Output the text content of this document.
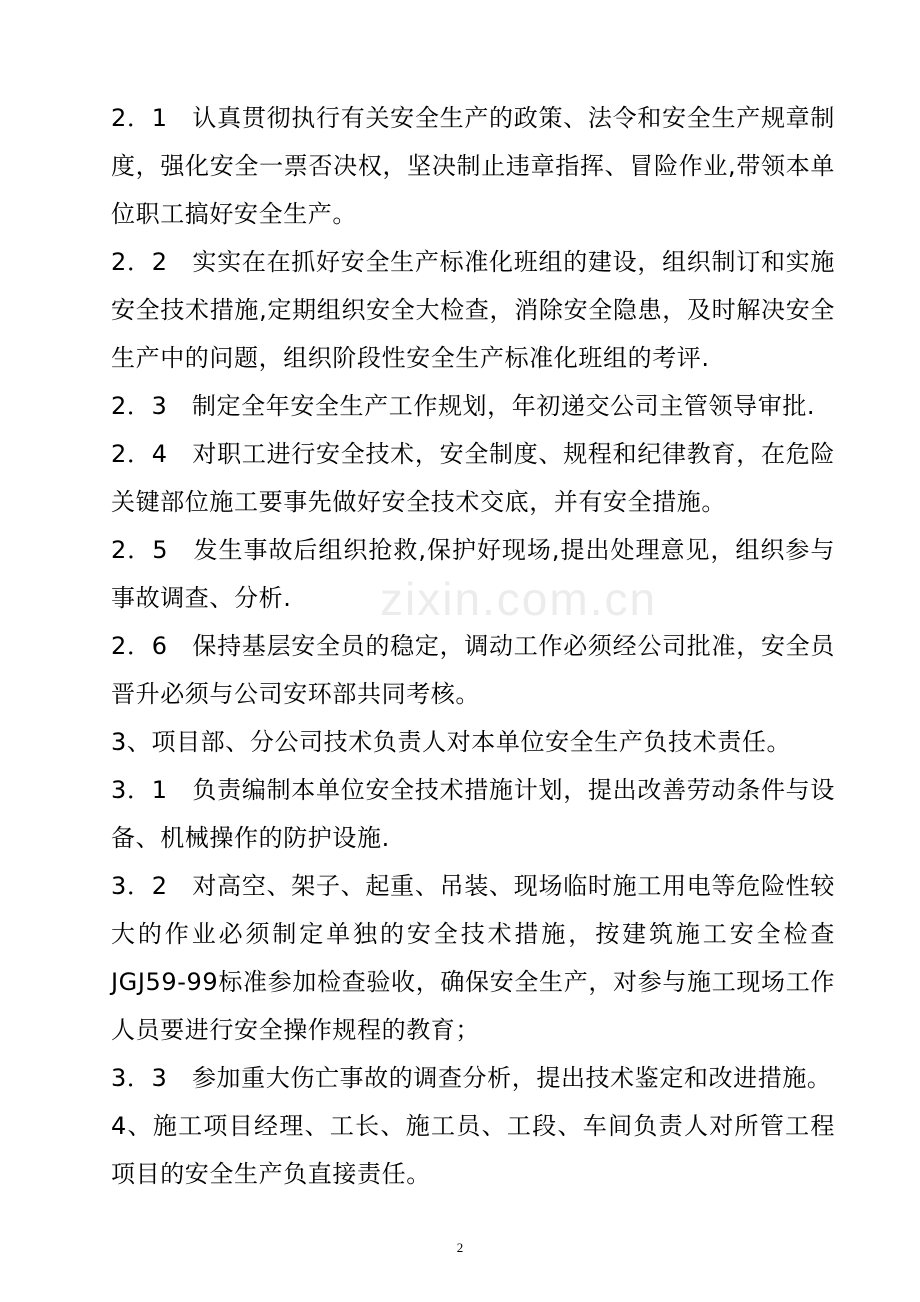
2．1　认真贯彻执行有关安全生产的政策、法令和安全生产规章制度，强化安全一票否决权，坚决制止违章指挥、冒险作业,带领本单位职工搞好安全生产。

2．2　实实在在抓好安全生产标准化班组的建设，组织制订和实施安全技术措施,定期组织安全大检查，消除安全隐患，及时解决安全生产中的问题，组织阶段性安全生产标准化班组的考评.

2．3　制定全年安全生产工作规划，年初递交公司主管领导审批.

2．4　对职工进行安全技术，安全制度、规程和纪律教育，在危险关键部位施工要事先做好安全技术交底，并有安全措施。

2．5　发生事故后组织抢救,保护好现场,提出处理意见，组织参与事故调查、分析.

2．6　保持基层安全员的稳定，调动工作必须经公司批准，安全员晋升必须与公司安环部共同考核。

3、项目部、分公司技术负责人对本单位安全生产负技术责任。

3．1　负责编制本单位安全技术措施计划，提出改善劳动条件与设备、机械操作的防护设施.

3．2　对高空、架子、起重、吊装、现场临时施工用电等危险性较大的作业必须制定单独的安全技术措施，按建筑施工安全检查JGJ59-99标准参加检查验收，确保安全生产，对参与施工现场工作人员要进行安全操作规程的教育；

3．3　参加重大伤亡事故的调查分析，提出技术鉴定和改进措施。

4、施工项目经理、工长、施工员、工段、车间负责人对所管工程项目的安全生产负直接责任。

zixin.com.cn
2
